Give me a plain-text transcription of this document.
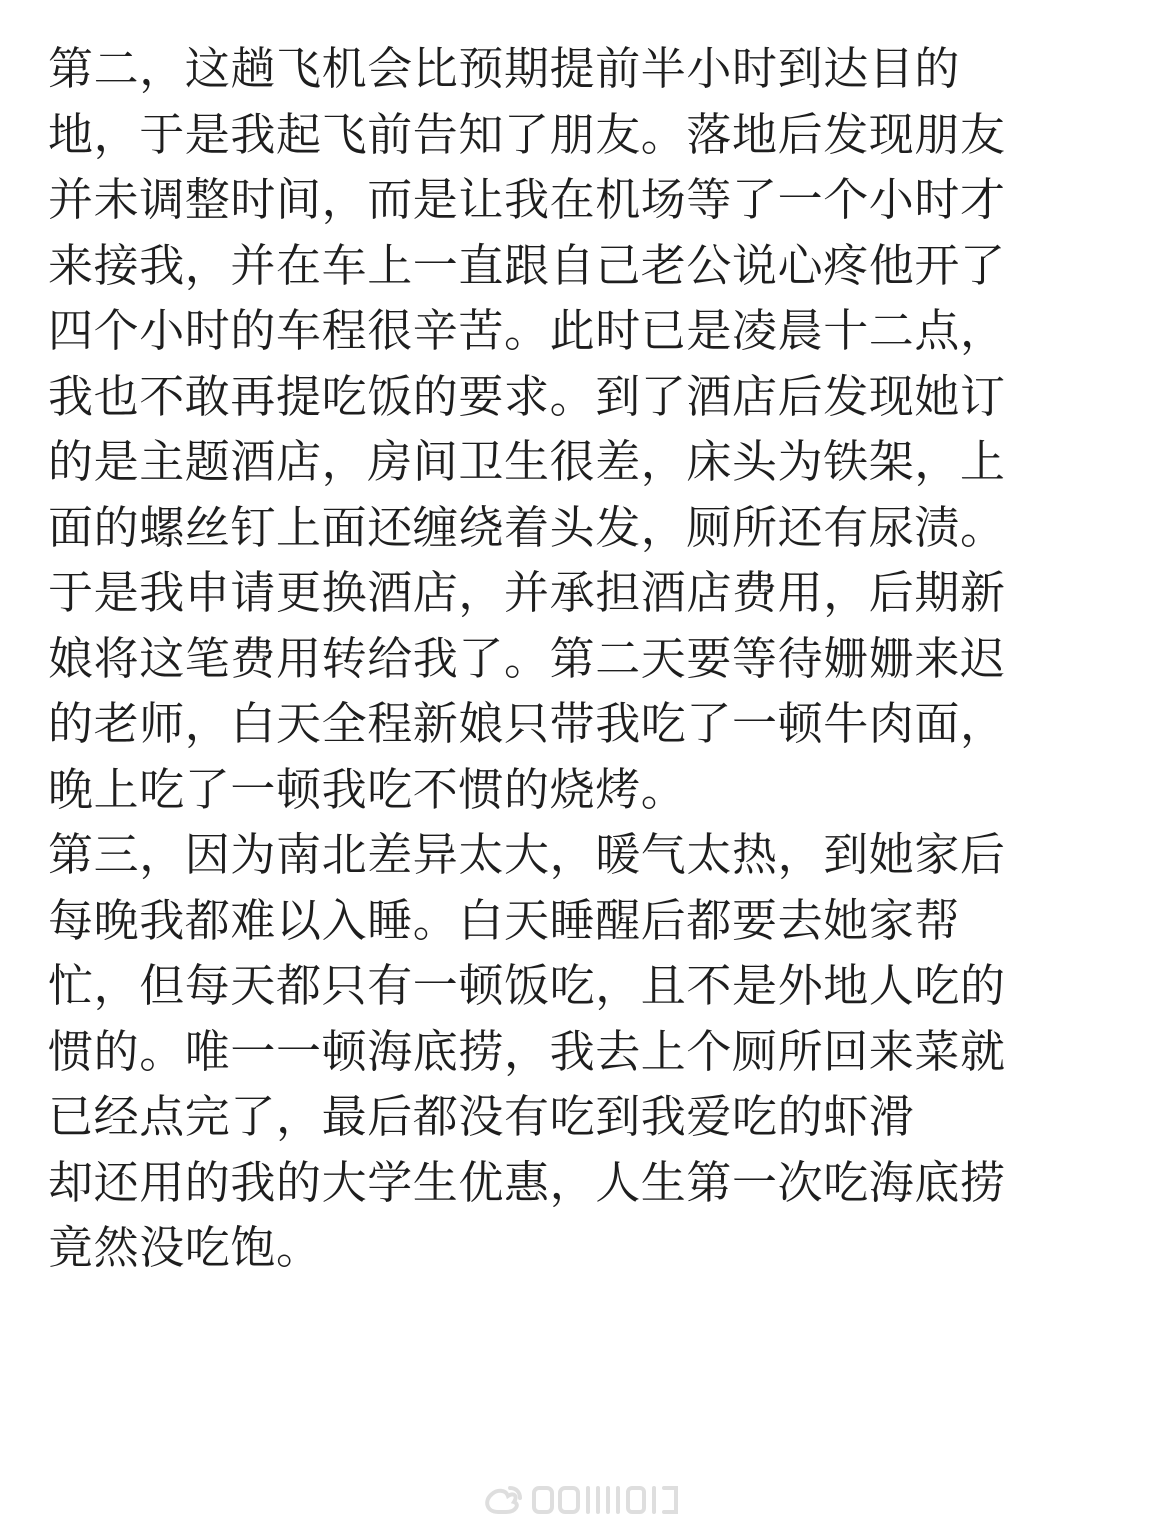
第二，这趟飞机会比预期提前半小时到达目的
地，于是我起飞前告知了朋友。落地后发现朋友
并未调整时间，而是让我在机场等了一个小时才
来接我，并在车上一直跟自己老公说心疼他开了
四个小时的车程很辛苦。此时已是凌晨十二点，
我也不敢再提吃饭的要求。到了酒店后发现她订
的是主题酒店，房间卫生很差，床头为铁架，上
面的螺丝钉上面还缠绕着头发，厕所还有尿渍。
于是我申请更换酒店，并承担酒店费用，后期新
娘将这笔费用转给我了。第二天要等待姗姗来迟
的老师，白天全程新娘只带我吃了一顿牛肉面，
晚上吃了一顿我吃不惯的烧烤。
第三，因为南北差异太大，暖气太热，到她家后
每晚我都难以入睡。白天睡醒后都要去她家帮
忙，但每天都只有一顿饭吃，且不是外地人吃的
惯的。唯一一顿海底捞，我去上个厕所回来菜就
已经点完了，最后都没有吃到我爱吃的虾滑
却还用的我的大学生优惠，人生第一次吃海底捞
竟然没吃饱。
